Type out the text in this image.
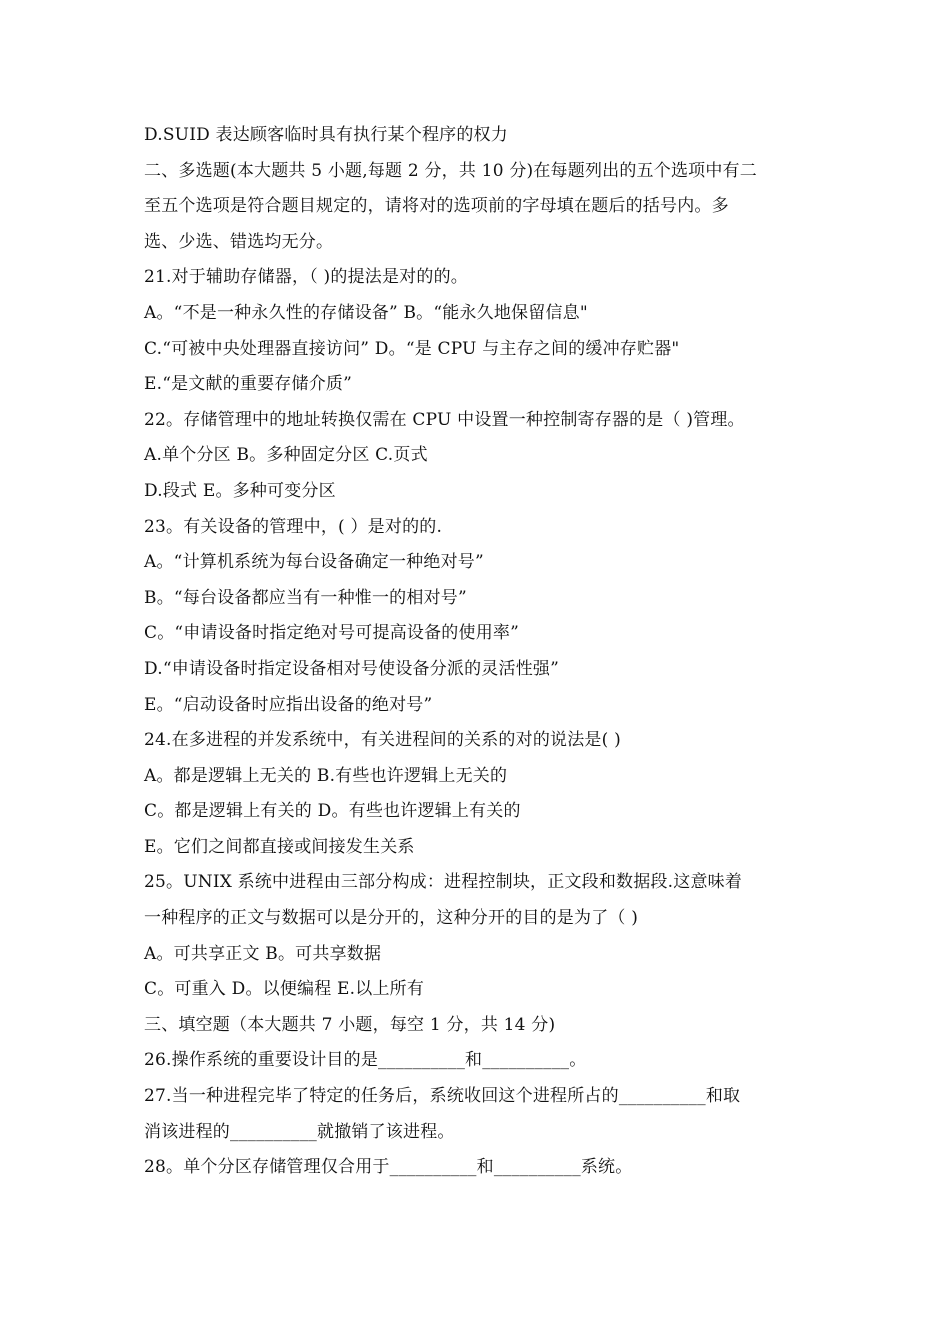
D.SUID 表达顾客临时具有执行某个程序的权力
二、多选题(本大题共 5 小题,每题 2 分，共 10 分)在每题列出的五个选项中有二
至五个选项是符合题目规定的，请将对的选项前的字母填在题后的括号内。多
选、少选、错选均无分。
21.对于辅助存储器，（ )的提法是对的的。
A。“不是一种永久性的存储设备” B。“能永久地保留信息"
C.“可被中央处理器直接访问” D。“是 CPU 与主存之间的缓冲存贮器"
E.“是文献的重要存储介质”
22。存储管理中的地址转换仅需在 CPU 中设置一种控制寄存器的是（ )管理。
A.单个分区 B。多种固定分区 C.页式
D.段式 E。多种可变分区
23。有关设备的管理中，( ）是对的的.
A。“计算机系统为每台设备确定一种绝对号”
B。“每台设备都应当有一种惟一的相对号”
C。“申请设备时指定绝对号可提高设备的使用率”
D.“申请设备时指定设备相对号使设备分派的灵活性强”
E。“启动设备时应指出设备的绝对号”
24.在多进程的并发系统中，有关进程间的关系的对的说法是( )
A。都是逻辑上无关的 B.有些也许逻辑上无关的
C。都是逻辑上有关的 D。有些也许逻辑上有关的
E。它们之间都直接或间接发生关系
25。UNIX 系统中进程由三部分构成：进程控制块，正文段和数据段.这意味着
一种程序的正文与数据可以是分开的，这种分开的目的是为了（ )
A。可共享正文 B。可共享数据
C。可重入 D。以便编程 E.以上所有
三、填空题（本大题共 7 小题，每空 1 分，共 14 分)
26.操作系统的重要设计目的是__________和__________。
27.当一种进程完毕了特定的任务后，系统收回这个进程所占的__________和取
消该进程的__________就撤销了该进程。
28。单个分区存储管理仅合用于__________和__________系统。
